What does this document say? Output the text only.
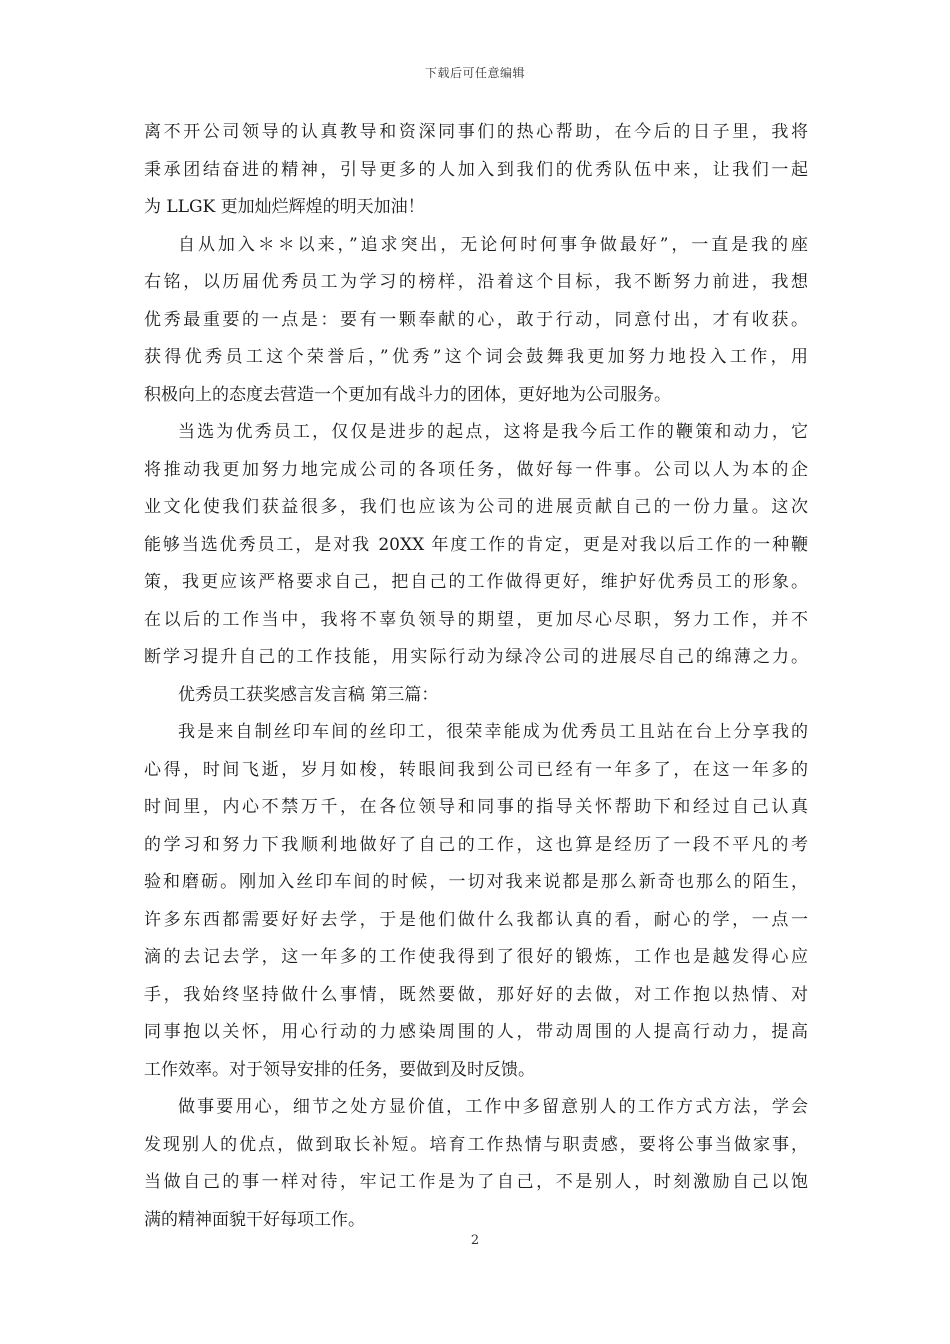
下载后可任意编辑
离不开公司领导的认真教导和资深同事们的热心帮助，在今后的日子里，我将
秉承团结奋进的精神，引导更多的人加入到我们的优秀队伍中来，让我们一起
为 LLGK 更加灿烂辉煌的明天加油！
自从加入＊＊以来，”追求突出，无论何时何事争做最好”，一直是我的座
右铭，以历届优秀员工为学习的榜样，沿着这个目标，我不断努力前进，我想
优秀最重要的一点是：要有一颗奉献的心，敢于行动，同意付出，才有收获。
获得优秀员工这个荣誉后，”优秀”这个词会鼓舞我更加努力地投入工作，用
积极向上的态度去营造一个更加有战斗力的团体，更好地为公司服务。
当选为优秀员工，仅仅是进步的起点，这将是我今后工作的鞭策和动力，它
将推动我更加努力地完成公司的各项任务，做好每一件事。公司以人为本的企
业文化使我们获益很多，我们也应该为公司的进展贡献自己的一份力量。这次
能够当选优秀员工，是对我 20XX 年度工作的肯定，更是对我以后工作的一种鞭
策，我更应该严格要求自己，把自己的工作做得更好，维护好优秀员工的形象。
在以后的工作当中，我将不辜负领导的期望，更加尽心尽职，努力工作，并不
断学习提升自己的工作技能，用实际行动为绿冷公司的进展尽自己的绵薄之力。
优秀员工获奖感言发言稿 第三篇：
我是来自制丝印车间的丝印工，很荣幸能成为优秀员工且站在台上分享我的
心得，时间飞逝，岁月如梭，转眼间我到公司已经有一年多了，在这一年多的
时间里，内心不禁万千，在各位领导和同事的指导关怀帮助下和经过自己认真
的学习和努力下我顺利地做好了自己的工作，这也算是经历了一段不平凡的考
验和磨砺。刚加入丝印车间的时候，一切对我来说都是那么新奇也那么的陌生，
许多东西都需要好好去学，于是他们做什么我都认真的看，耐心的学，一点一
滴的去记去学，这一年多的工作使我得到了很好的锻炼，工作也是越发得心应
手，我始终坚持做什么事情，既然要做，那好好的去做，对工作抱以热情、对
同事抱以关怀，用心行动的力感染周围的人，带动周围的人提高行动力，提高
工作效率。对于领导安排的任务，要做到及时反馈。
做事要用心，细节之处方显价值，工作中多留意别人的工作方式方法，学会
发现别人的优点，做到取长补短。培育工作热情与职责感，要将公事当做家事，
当做自己的事一样对待，牢记工作是为了自己，不是别人，时刻激励自己以饱
满的精神面貌干好每项工作。
2
